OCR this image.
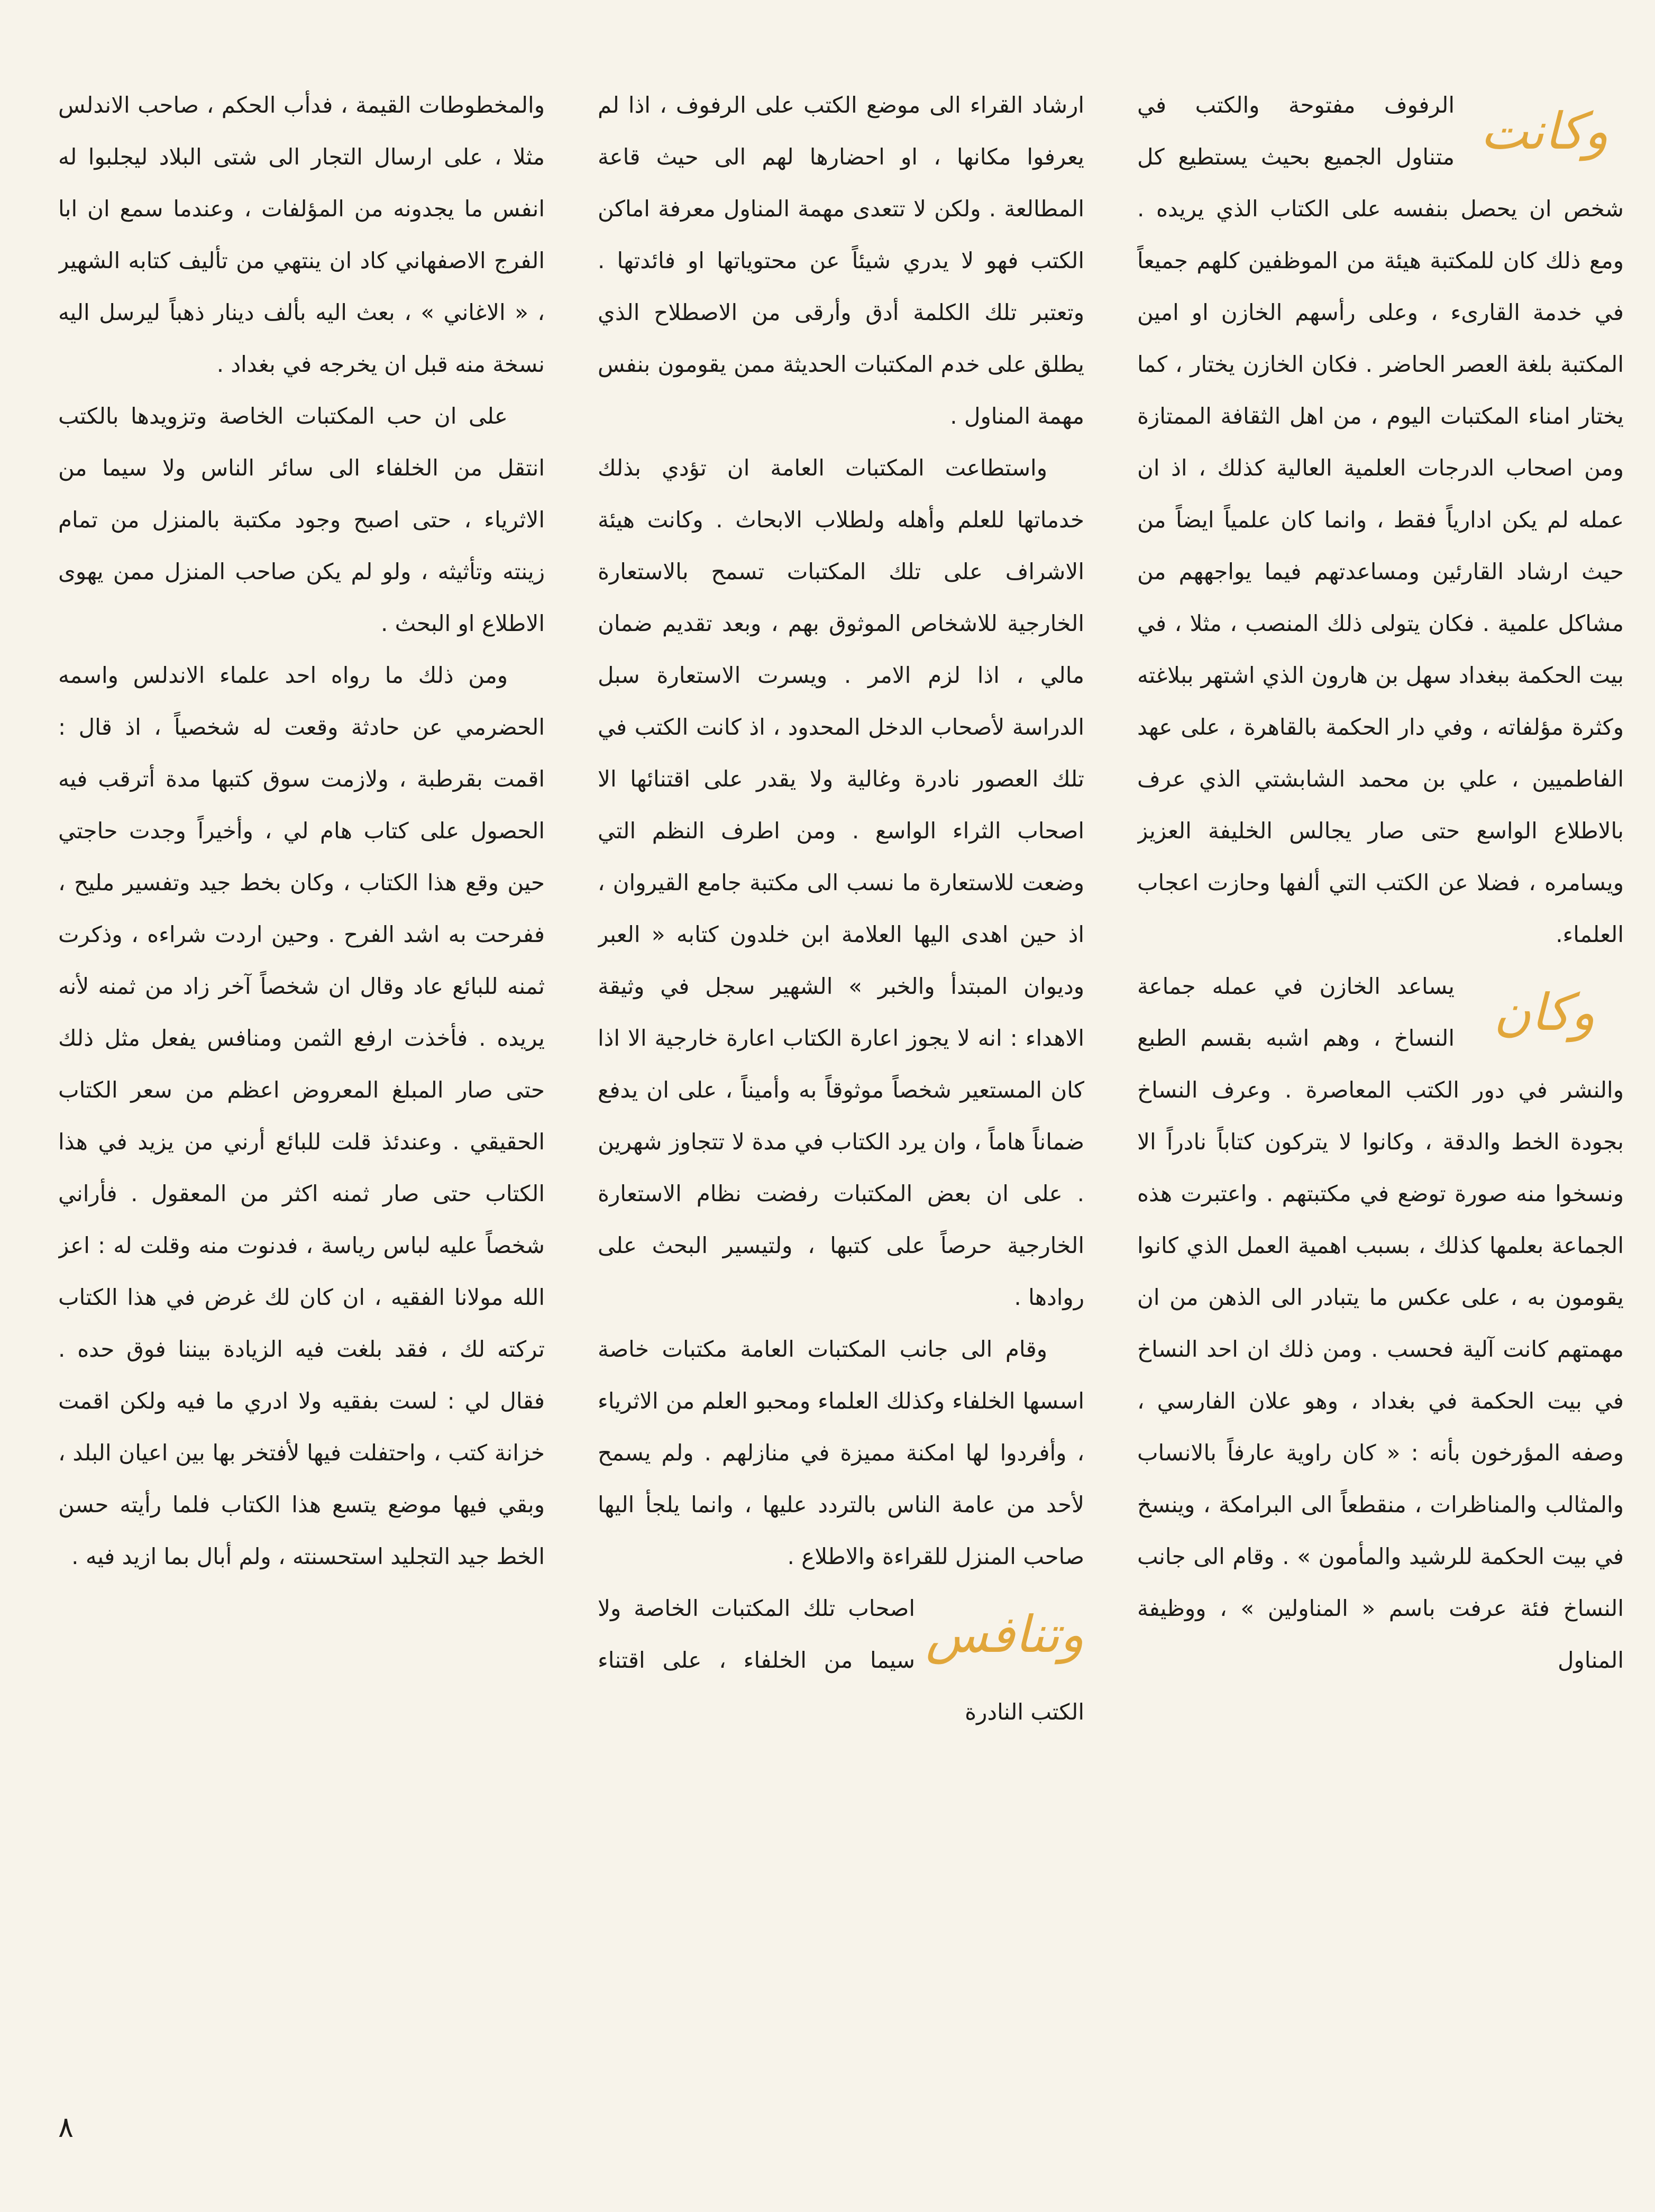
وكانت

الرفوف مفتوحة والكتب في متناول الجميع بحيث يستطيع كل شخص ان يحصل بنفسه على الكتاب الذي يريده . ومع ذلك كان للمكتبة هيئة من الموظفين كلهم جميعاً في خدمة القارىء ، وعلى رأسهم الخازن او امين المكتبة بلغة العصر الحاضر . فكان الخازن يختار ، كما يختار امناء المكتبات اليوم ، من اهل الثقافة الممتازة ومن اصحاب الدرجات العلمية العالية كذلك ، اذ ان عمله لم يكن ادارياً فقط ، وانما كان علمياً ايضاً من حيث ارشاد القارئين ومساعدتهم فيما يواجههم من مشاكل علمية . فكان يتولى ذلك المنصب ، مثلا ، في بيت الحكمة ببغداد سهل بن هارون الذي اشتهر ببلاغته وكثرة مؤلفاته ، وفي دار الحكمة بالقاهرة ، على عهد الفاطميين ، علي بن محمد الشابشتي الذي عرف بالاطلاع الواسع حتى صار يجالس الخليفة العزيز ويسامره ، فضلا عن الكتب التي ألفها وحازت اعجاب العلماء.

وكان

يساعد الخازن في عمله جماعة النساخ ، وهم اشبه بقسم الطبع والنشر في دور الكتب المعاصرة . وعرف النساخ بجودة الخط والدقة ، وكانوا لا يتركون كتاباً نادراً الا ونسخوا منه صورة توضع في مكتبتهم . واعتبرت هذه الجماعة بعلمها كذلك ، بسبب اهمية العمل الذي كانوا يقومون به ، على عكس ما يتبادر الى الذهن من ان مهمتهم كانت آلية فحسب . ومن ذلك ان احد النساخ في بيت الحكمة في بغداد ، وهو علان الفارسي ، وصفه المؤرخون بأنه : « كان راوية عارفاً بالانساب والمثالب والمناظرات ، منقطعاً الى البرامكة ، وينسخ في بيت الحكمة للرشيد والمأمون » . وقام الى جانب النساخ فئة عرفت باسم « المناولين » ، ووظيفة المناول

ارشاد القراء الى موضع الكتب على الرفوف ، اذا لم يعرفوا مكانها ، او احضارها لهم الى حيث قاعة المطالعة . ولكن لا تتعدى مهمة المناول معرفة اماكن الكتب فهو لا يدري شيئاً عن محتوياتها او فائدتها . وتعتبر تلك الكلمة أدق وأرقى من الاصطلاح الذي يطلق على خدم المكتبات الحديثة ممن يقومون بنفس مهمة المناول .

واستطاعت المكتبات العامة ان تؤدي بذلك خدماتها للعلم وأهله ولطلاب الابحاث . وكانت هيئة الاشراف على تلك المكتبات تسمح بالاستعارة الخارجية للاشخاص الموثوق بهم ، وبعد تقديم ضمان مالي ، اذا لزم الامر . ويسرت الاستعارة سبل الدراسة لأصحاب الدخل المحدود ، اذ كانت الكتب في تلك العصور نادرة وغالية ولا يقدر على اقتنائها الا اصحاب الثراء الواسع . ومن اطرف النظم التي وضعت للاستعارة ما نسب الى مكتبة جامع القيروان ، اذ حين اهدى اليها العلامة ابن خلدون كتابه « العبر وديوان المبتدأ والخبر » الشهير سجل في وثيقة الاهداء : انه لا يجوز اعارة الكتاب اعارة خارجية الا اذا كان المستعير شخصاً موثوقاً به وأميناً ، على ان يدفع ضماناً هاماً ، وان يرد الكتاب في مدة لا تتجاوز شهرين . على ان بعض المكتبات رفضت نظام الاستعارة الخارجية حرصاً على كتبها ، ولتيسير البحث على روادها .

وقام الى جانب المكتبات العامة مكتبات خاصة اسسها الخلفاء وكذلك العلماء ومحبو العلم من الاثرياء ، وأفردوا لها امكنة مميزة في منازلهم . ولم يسمح لأحد من عامة الناس بالتردد عليها ، وانما يلجأ اليها صاحب المنزل للقراءة والاطلاع .

وتنافس

اصحاب تلك المكتبات الخاصة ولا سيما من الخلفاء ، على اقتناء الكتب النادرة

والمخطوطات القيمة ، فدأب الحكم ، صاحب الاندلس مثلا ، على ارسال التجار الى شتى البلاد ليجلبوا له انفس ما يجدونه من المؤلفات ، وعندما سمع ان ابا الفرج الاصفهاني كاد ان ينتهي من تأليف كتابه الشهير ، « الاغاني » ، بعث اليه بألف دينار ذهباً ليرسل اليه نسخة منه قبل ان يخرجه في بغداد .

على ان حب المكتبات الخاصة وتزويدها بالكتب انتقل من الخلفاء الى سائر الناس ولا سيما من الاثرياء ، حتى اصبح وجود مكتبة بالمنزل من تمام زينته وتأثيثه ، ولو لم يكن صاحب المنزل ممن يهوى الاطلاع او البحث .

ومن ذلك ما رواه احد علماء الاندلس واسمه الحضرمي عن حادثة وقعت له شخصياً ، اذ قال : اقمت بقرطبة ، ولازمت سوق كتبها مدة أترقب فيه الحصول على كتاب هام لي ، وأخيراً وجدت حاجتي حين وقع هذا الكتاب ، وكان بخط جيد وتفسير مليح ، ففرحت به اشد الفرح . وحين اردت شراءه ، وذكرت ثمنه للبائع عاد وقال ان شخصاً آخر زاد من ثمنه لأنه يريده . فأخذت ارفع الثمن ومنافس يفعل مثل ذلك حتى صار المبلغ المعروض اعظم من سعر الكتاب الحقيقي . وعندئذ قلت للبائع أرني من يزيد في هذا الكتاب حتى صار ثمنه اكثر من المعقول . فأراني شخصاً عليه لباس رياسة ، فدنوت منه وقلت له : اعز الله مولانا الفقيه ، ان كان لك غرض في هذا الكتاب تركته لك ، فقد بلغت فيه الزيادة بيننا فوق حده . فقال لي : لست بفقيه ولا ادري ما فيه ولكن اقمت خزانة كتب ، واحتفلت فيها لأفتخر بها بين اعيان البلد ، وبقي فيها موضع يتسع هذا الكتاب فلما رأيته حسن الخط جيد التجليد استحسنته ، ولم أبال بما ازيد فيه .

٨
